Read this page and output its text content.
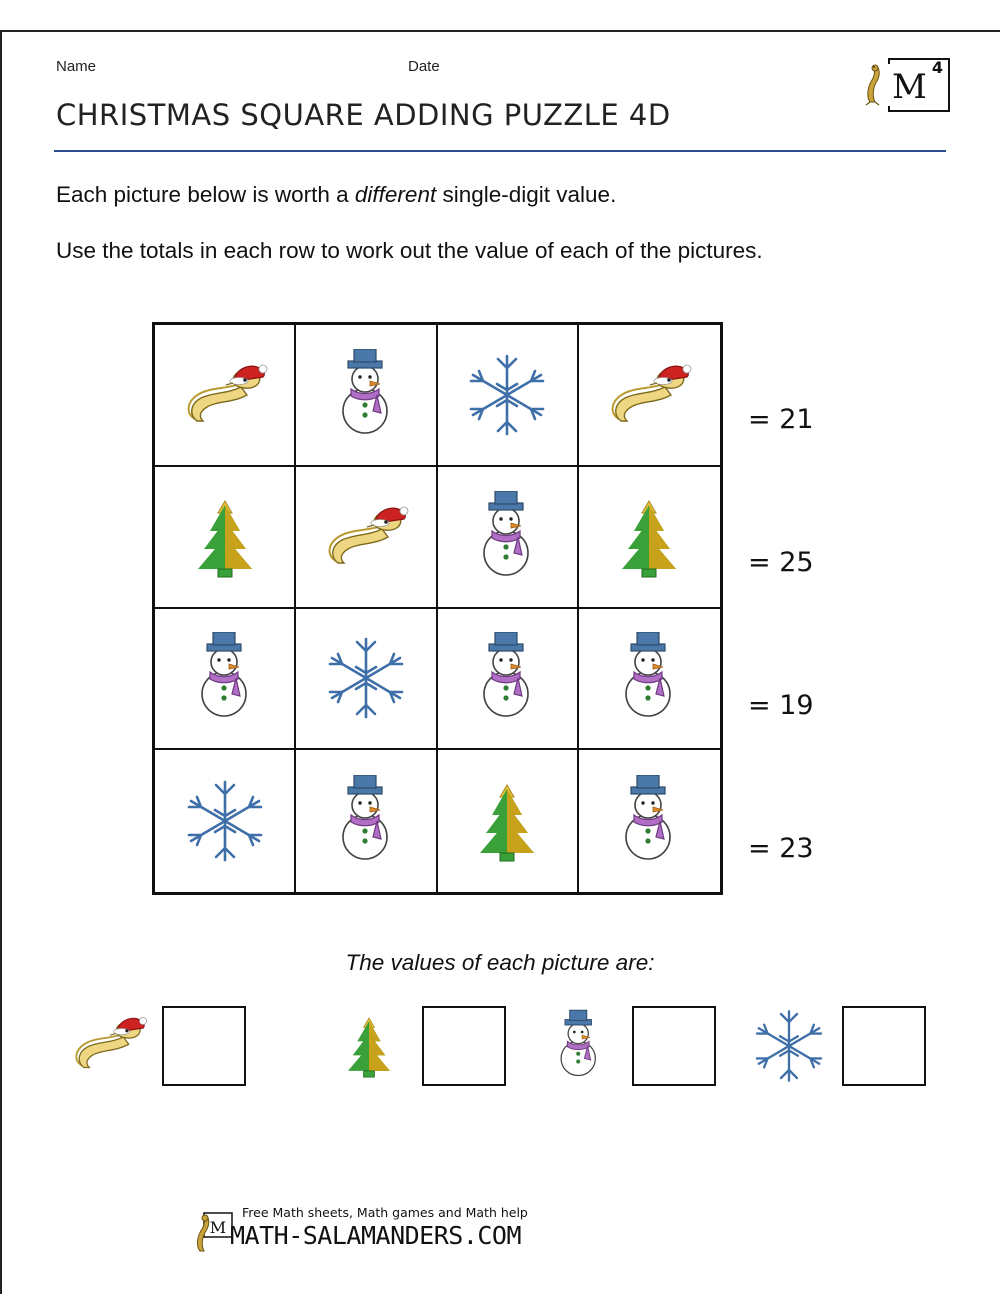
Name	Date
CHRISTMAS SQUARE ADDING PUZZLE 4D
M 4
Each picture below is worth a different single-digit value.
Use the totals in each row to work out the value of each of the pictures.
= 21
= 25
= 19
= 23
The values of each picture are:
M
Free Math sheets, Math games and Math help
MATH-SALAMANDERS.COM
